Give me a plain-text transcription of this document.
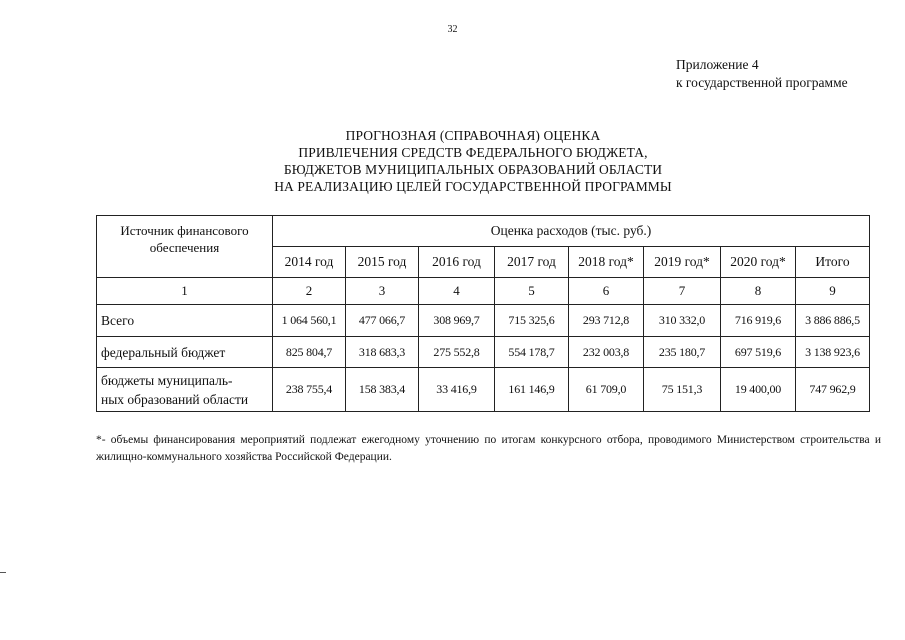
32
Приложение 4
к государственной программе
ПРОГНОЗНАЯ (СПРАВОЧНАЯ) ОЦЕНКА
ПРИВЛЕЧЕНИЯ СРЕДСТВ ФЕДЕРАЛЬНОГО БЮДЖЕТА,
БЮДЖЕТОВ МУНИЦИПАЛЬНЫХ ОБРАЗОВАНИЙ ОБЛАСТИ
НА РЕАЛИЗАЦИЮ ЦЕЛЕЙ ГОСУДАРСТВЕННОЙ ПРОГРАММЫ
Источник финансового
обеспечения	Оценка расходов (тыс. руб.)							
	2014 год	2015 год	2016 год	2017 год	2018 год*	2019 год*	2020 год*	Итого
1	2	3	4	5	6	7	8	9
Всего	1 064 560,1	477 066,7	308 969,7	715 325,6	293 712,8	310 332,0	716 919,6	3 886 886,5
федеральный бюджет	825 804,7	318 683,3	275 552,8	554 178,7	232 003,8	235 180,7	697 519,6	3 138 923,6

бюджеты муниципаль-
ных образований области	238 755,4	158 383,4	33 416,9	161 146,9	61 709,0	75 151,3	19 400,00	747 962,9
*- объемы финансирования мероприятий подлежат ежегодному уточнению по итогам конкурсного отбора, проводимого Министерством строительства и жилищно-коммунального хозяйства Российской Федерации.
